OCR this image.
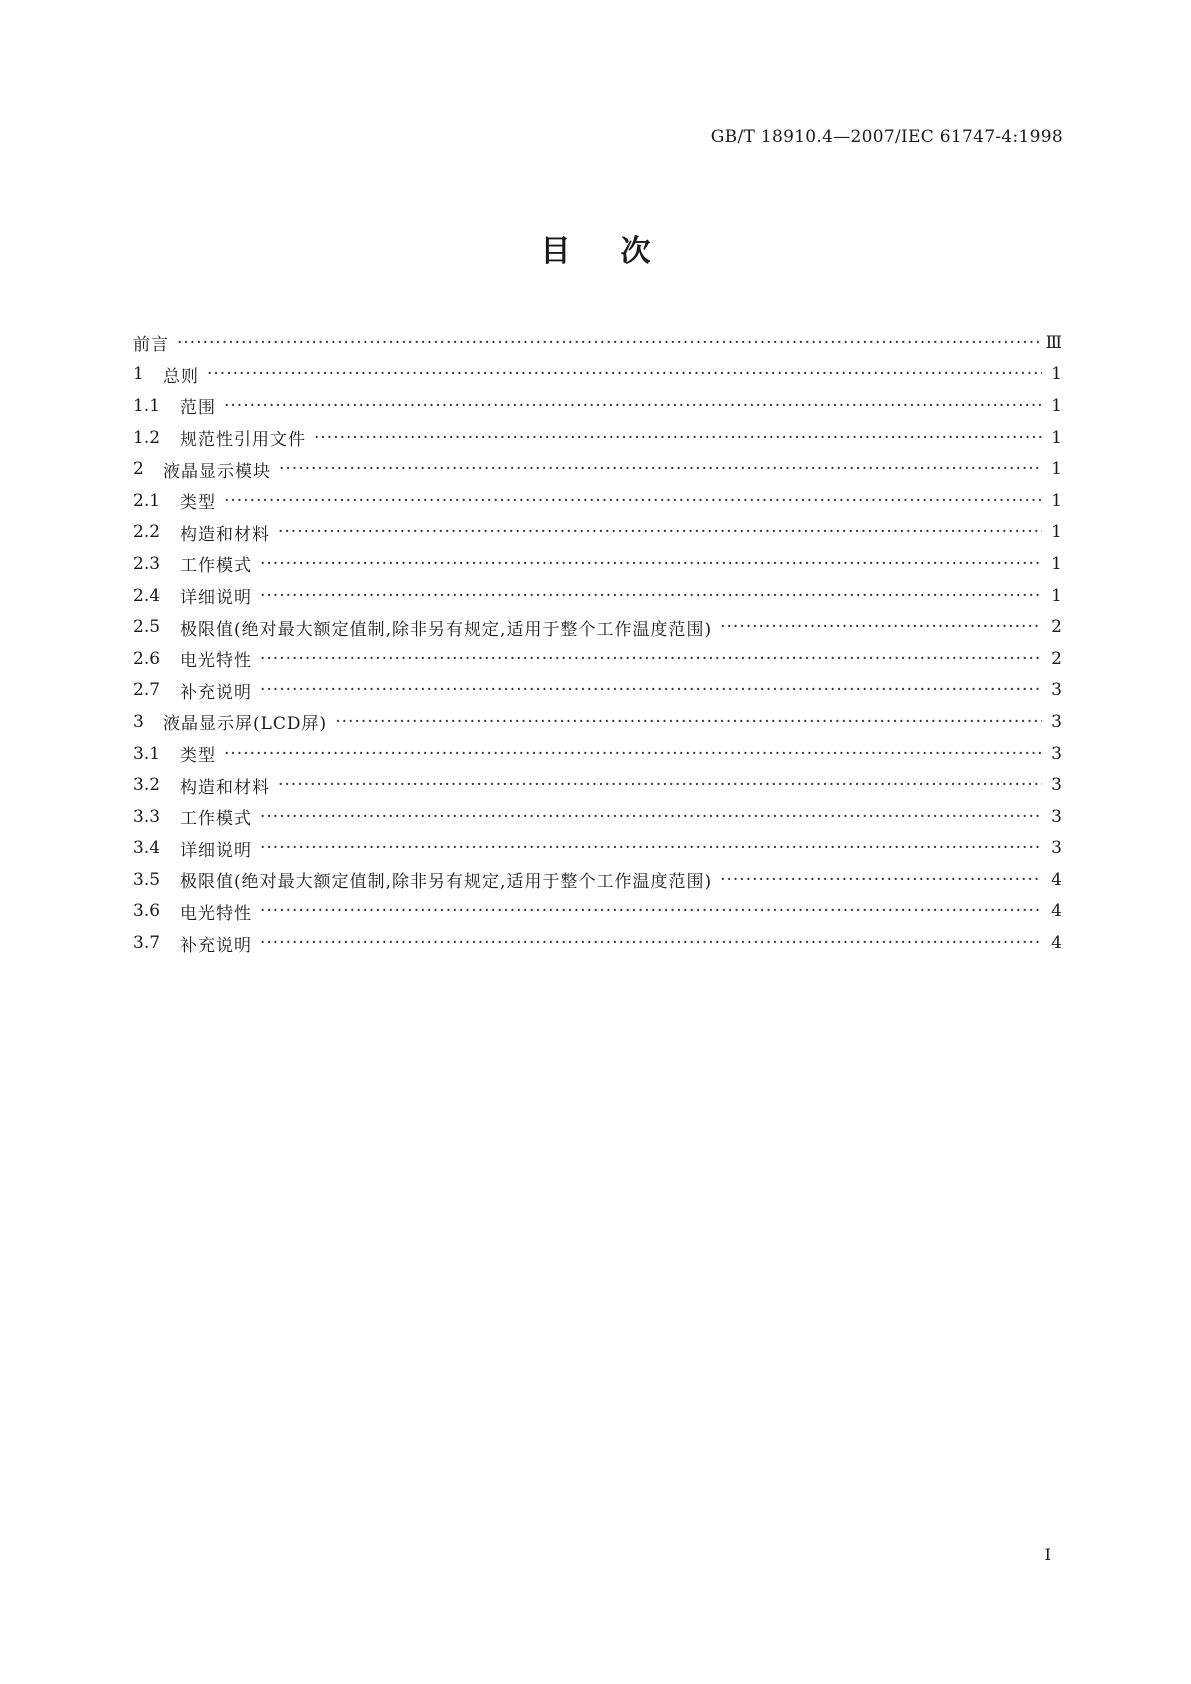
GB/T 18910.4—2007/IEC 61747-4:1998
目次
前言 ·····	Ⅲ
1	总则 ·····	1
1.1	范围 ·····	1
1.2	规范性引用文件 ·····	1
2	液晶显示模块 ·····	1
2.1	类型 ·····	1
2.2	构造和材料 ·····	1
2.3	工作模式 ·····	1
2.4	详细说明 ·····	1
2.5	极限值(绝对最大额定值制,除非另有规定,适用于整个工作温度范围) ·····	2
2.6	电光特性 ·····	2
2.7	补充说明 ·····	3
3	液晶显示屏(LCD屏) ·····	3
3.1	类型 ·····	3
3.2	构造和材料 ·····	3
3.3	工作模式 ·····	3
3.4	详细说明 ·····	3
3.5	极限值(绝对最大额定值制,除非另有规定,适用于整个工作温度范围) ·····	4
3.6	电光特性 ·····	4
3.7	补充说明 ·····	4
Ⅰ
